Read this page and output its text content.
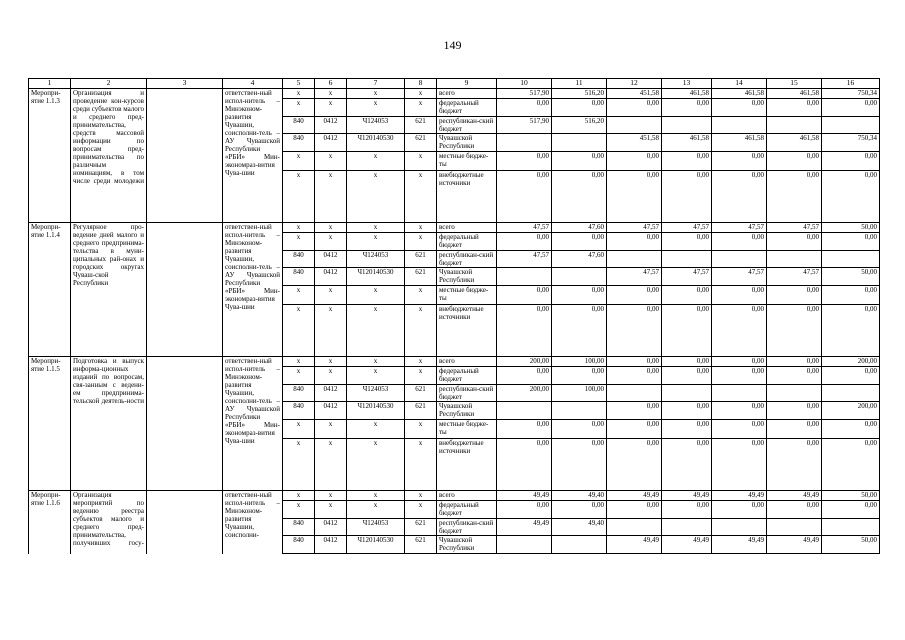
149
1	2	3	4	5	6	7	8	9	10	11	12	13	14	15	16
Меропри-ятие 1.1.3	Организация и проведение кон-курсов среди субъектов малого и среднего пред-принимательства, средств массовой информации по вопросам пред-принимательства по различным номинациям, в том числе среди молодежи		ответствен-ный испол-нитель – Минэконом-развития Чувашии, соисполни-тель – АУ Чувашской Республики «РБИ» Мин-экономраз-вития Чува-шии	x	x	x	x	всего	517,90	516,20	451,58	461,58	461,58	461,58	750,34
				x	x	x	x	федеральный бюджет	0,00	0,00	0,00	0,00	0,00	0,00	0,00
				840	0412	Ч124053	621	республикан-ский бюджет	517,90	516,20					
				840	0412	Ч120140530	621	Чувашской Республики			451,58	461,58	461,58	461,58	750,34
				x	x	x	x	местные бюдже-ты	0,00	0,00	0,00	0,00	0,00	0,00	0,00
				x	x	x	x	внебюджетные источники	0,00	0,00	0,00	0,00	0,00	0,00	0,00
Меропри-ятие 1.1.4	Регулярное про-ведение дней малого и среднего предпринима-тельства в муни-ципальных рай-онах и городских округах Чуваш-ской Республики		ответствен-ный испол-нитель – Минэконом-развития Чувашии, соисполни-тель – АУ Чувашской Республики «РБИ» Мин-экономраз-вития Чува-шии	x	x	x	x	всего	47,57	47,60	47,57	47,57	47,57	47,57	50,00
				x	x	x	x	федеральный бюджет	0,00	0,00	0,00	0,00	0,00	0,00	0,00
				840	0412	Ч124053	621	республикан-ский бюджет	47,57	47,60					
				840	0412	Ч120140530	621	Чувашской Республики			47,57	47,57	47,57	47,57	50,00
				x	x	x	x	местные бюдже-ты	0,00	0,00	0,00	0,00	0,00	0,00	0,00
				x	x	x	x	внебюджетные источники	0,00	0,00	0,00	0,00	0,00	0,00	0,00
Меропри-ятие 1.1.5	Подготовка и выпуск информа-ционных изданий по вопросам, свя-занным с ведени-ем предпринима-тельской деятель-ности		ответствен-ный испол-нитель – Минэконом-развития Чувашии, соисполни-тель – АУ Чувашской Республики «РБИ» Мин-экономраз-вития Чува-шии	x	x	x	x	всего	200,00	100,00	0,00	0,00	0,00	0,00	200,00
				x	x	x	x	федеральный бюджет	0,00	0,00	0,00	0,00	0,00	0,00	0,00
				840	0412	Ч124053	621	республикан-ский бюджет	200,00	100,00					
				840	0412	Ч120140530	621	Чувашской Республики			0,00	0,00	0,00	0,00	200,00
				x	x	x	x	местные бюдже-ты	0,00	0,00	0,00	0,00	0,00	0,00	0,00
				x	x	x	x	внебюджетные источники	0,00	0,00	0,00	0,00	0,00	0,00	0,00
Меропри-ятие 1.1.6	Организация мероприятий по ведению реестра субъектов малого и среднего пред-принимательства, получивших госу-		ответствен-ный испол-нитель – Минэконом-развития Чувашии, соисполни-	x	x	x	x	всего	49,49	49,40	49,49	49,49	49,49	49,49	50,00
				x	x	x	x	федеральный бюджет	0,00	0,00	0,00	0,00	0,00	0,00	0,00
				840	0412	Ч124053	621	республикан-ский бюджет	49,49	49,40					
				840	0412	Ч120140530	621	Чувашской Республики			49,49	49,49	49,49	49,49	50,00
